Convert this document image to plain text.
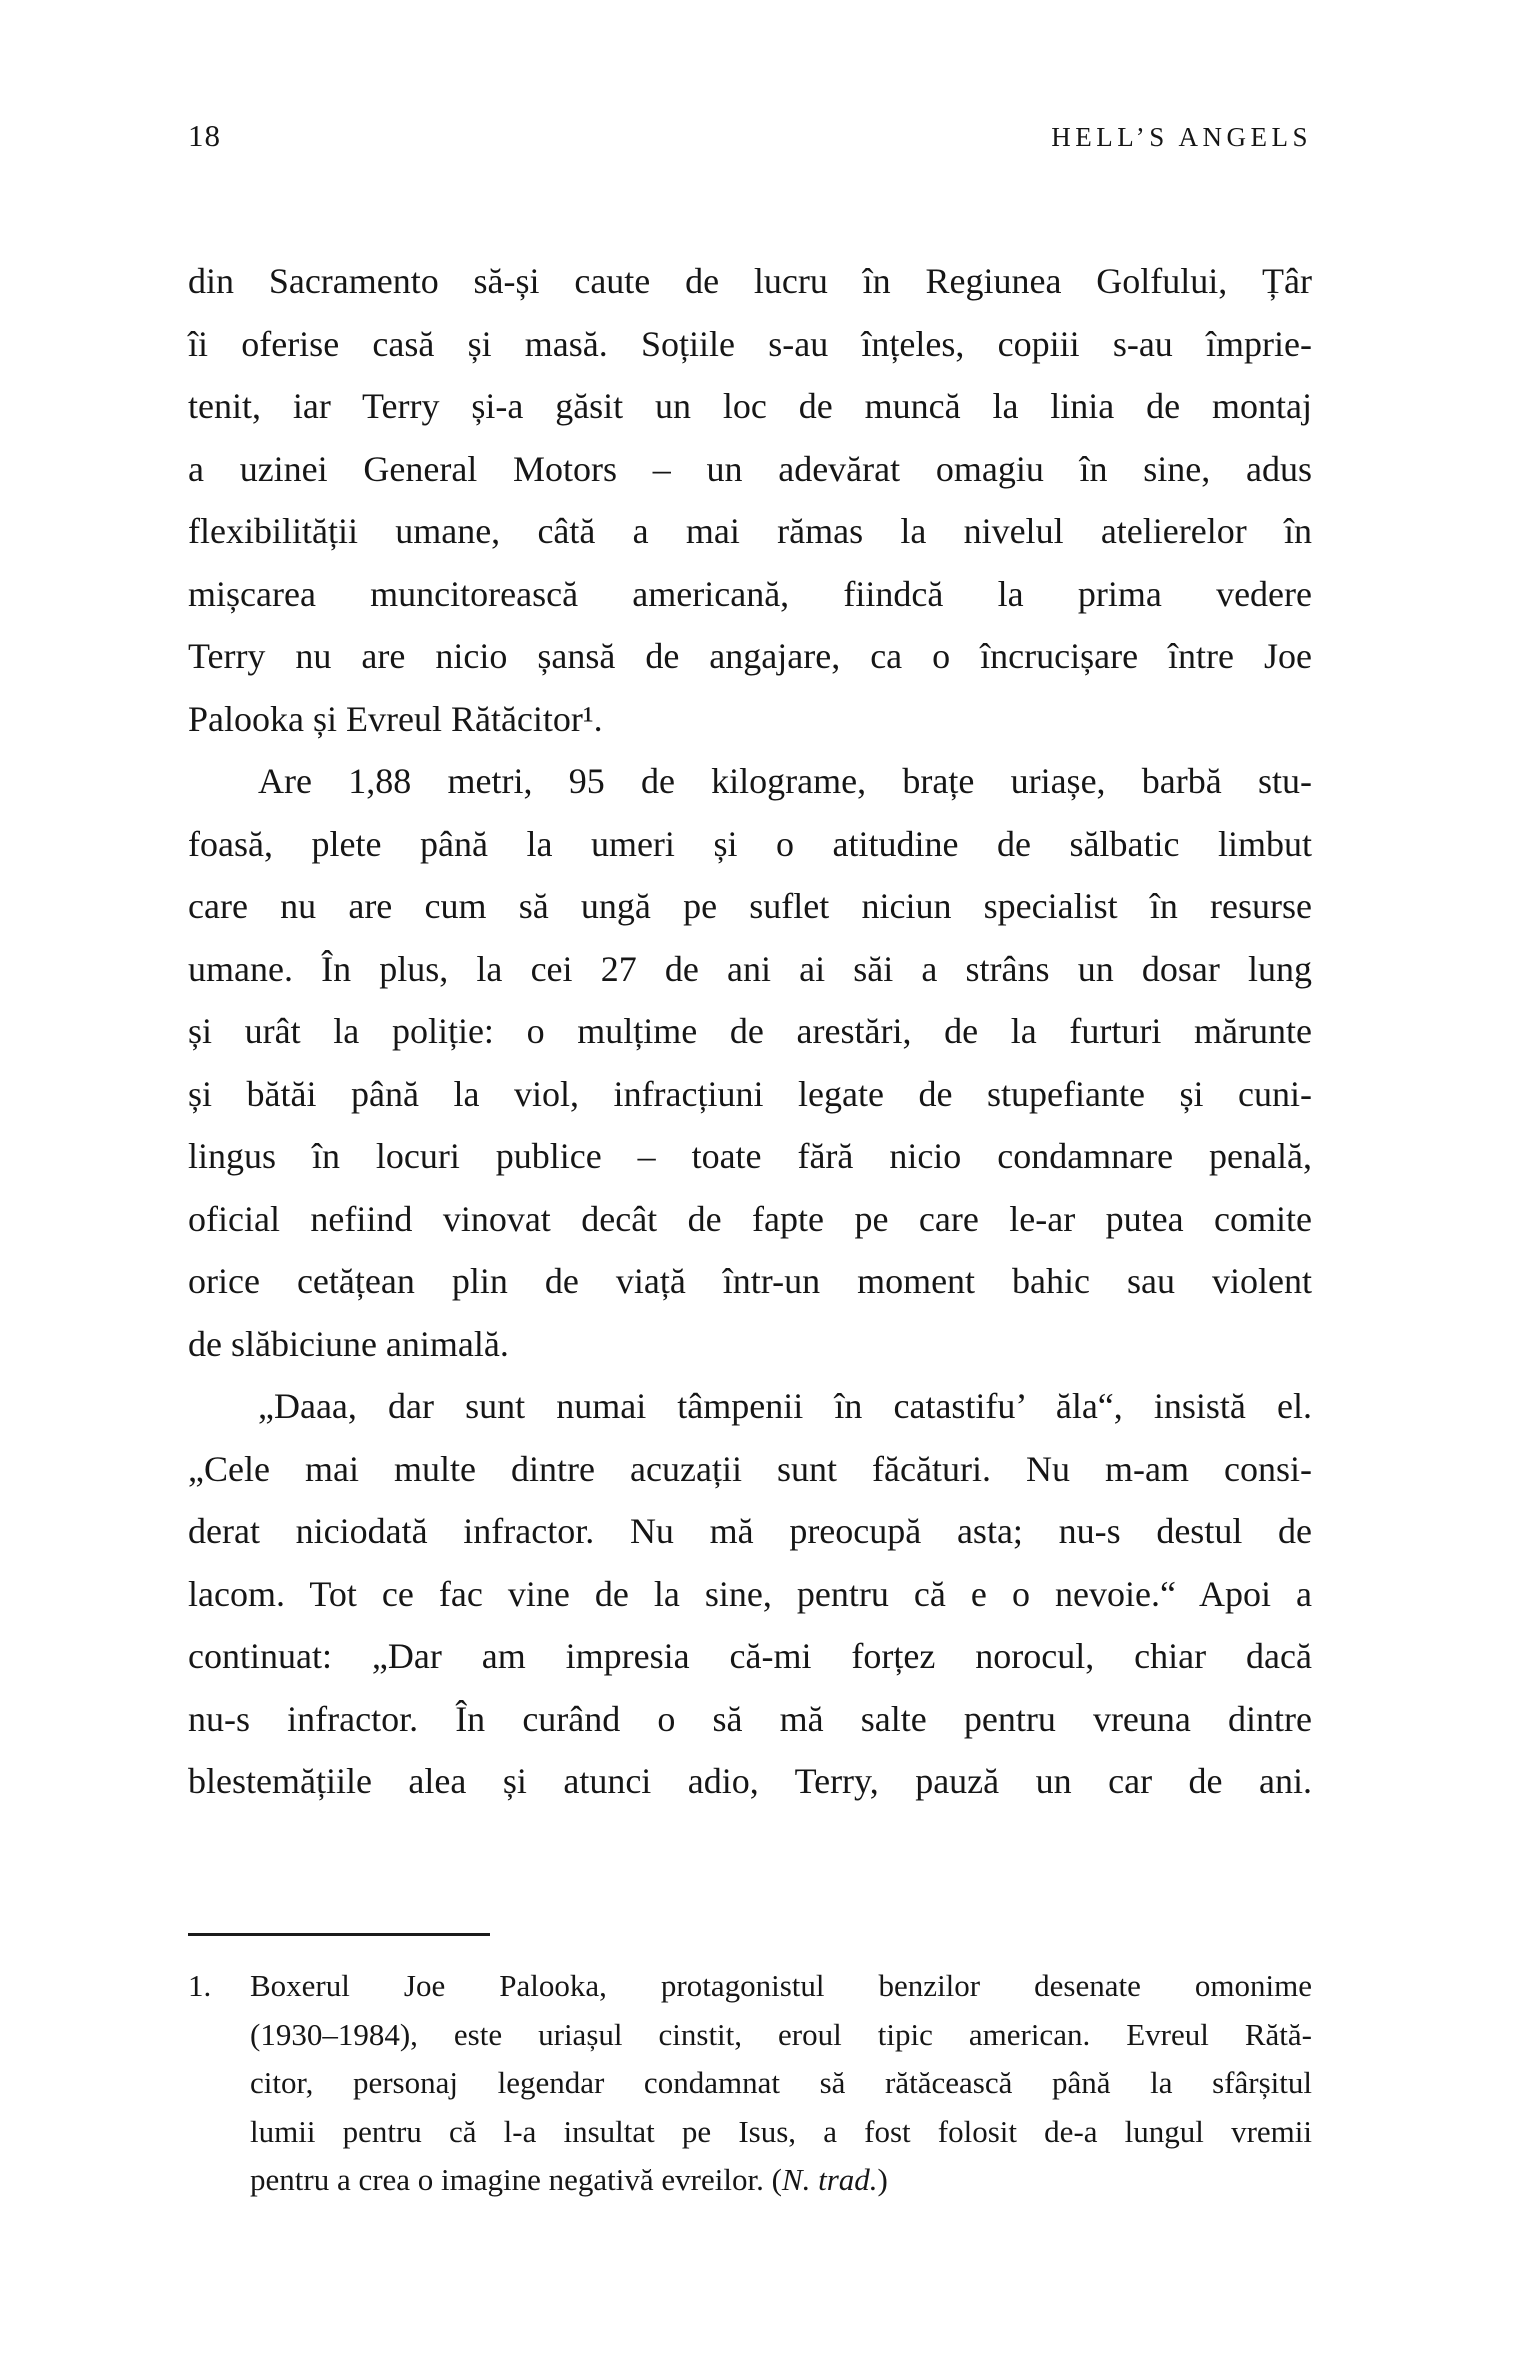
18	HELL’S ANGELS
din Sacramento să-și caute de lucru în Regiunea Golfului, Țâr
îi oferise casă și masă. Soțiile s-au înțeles, copiii s-au împrie-
tenit, iar Terry și-a găsit un loc de muncă la linia de montaj
a uzinei General Motors – un adevărat omagiu în sine, adus
flexibilității umane, câtă a mai rămas la nivelul atelierelor în
mișcarea muncitorească americană, fiindcă la prima vedere
Terry nu are nicio șansă de angajare, ca o încrucișare între Joe
Palooka și Evreul Rătăcitor¹.
Are 1,88 metri, 95 de kilograme, brațe uriașe, barbă stu-
foasă, plete până la umeri și o atitudine de sălbatic limbut
care nu are cum să ungă pe suflet niciun specialist în resurse
umane. În plus, la cei 27 de ani ai săi a strâns un dosar lung
și urât la poliție: o mulțime de arestări, de la furturi mărunte
și bătăi până la viol, infracțiuni legate de stupefiante și cuni-
lingus în locuri publice – toate fără nicio condamnare penală,
oficial nefiind vinovat decât de fapte pe care le-ar putea comite
orice cetățean plin de viață într-un moment bahic sau violent
de slăbiciune animală.
„Daaa, dar sunt numai tâmpenii în catastifu’ ăla“, insistă el.
„Cele mai multe dintre acuzații sunt făcături. Nu m-am consi-
derat niciodată infractor. Nu mă preocupă asta; nu-s destul de
lacom. Tot ce fac vine de la sine, pentru că e o nevoie.“ Apoi a
continuat: „Dar am impresia că-mi forțez norocul, chiar dacă
nu-s infractor. În curând o să mă salte pentru vreuna dintre
blestemățiile alea și atunci adio, Terry, pauză un car de ani.
1.	Boxerul Joe Palooka, protagonistul benzilor desenate omonime
(1930–1984), este uriașul cinstit, eroul tipic american. Evreul Rătă-
citor, personaj legendar condamnat să rătăcească până la sfârșitul
lumii pentru că l-a insultat pe Isus, a fost folosit de-a lungul vremii
pentru a crea o imagine negativă evreilor. (N. trad.)
